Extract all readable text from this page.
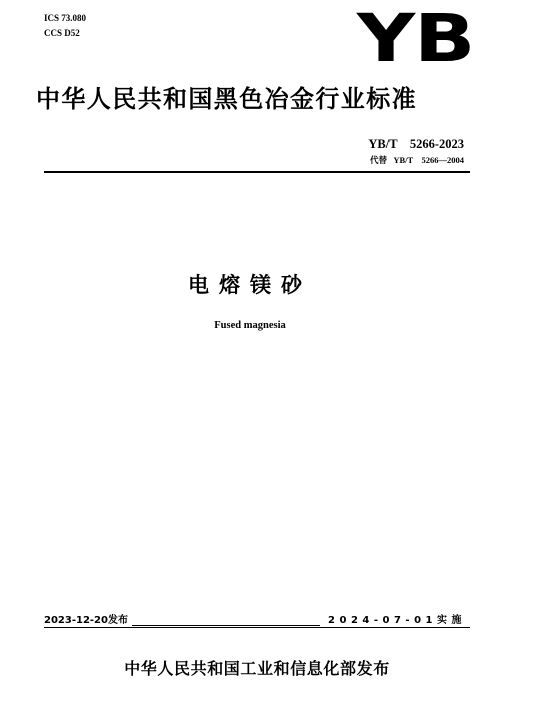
ICS 73.080
CCS D52	YB
中华人民共和国黑色冶金行业标准
YB/T    5266-2023
代替   YB/T    5266—2004
电熔镁砂
Fused magnesia
2023-12-20发布	2024-07-01实施
中华人民共和国工业和信息化部发布
